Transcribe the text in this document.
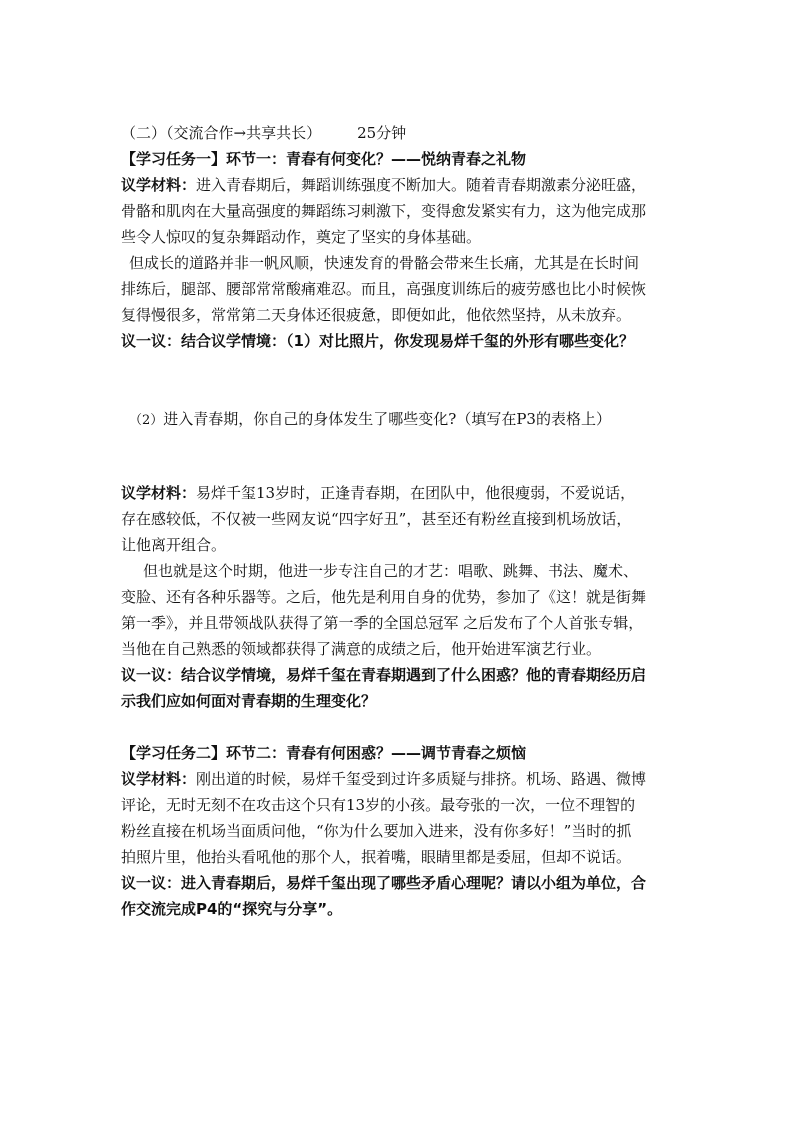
（二）（交流合作→共享共长） 25分钟
【学习任务一】环节一：青春有何变化？——悦纳青春之礼物
议学材料：进入青春期后，舞蹈训练强度不断加大。随着青春期激素分泌旺盛，
骨骼和肌肉在大量高强度的舞蹈练习刺激下，变得愈发紧实有力，这为他完成那
些令人惊叹的复杂舞蹈动作，奠定了坚实的身体基础。
但成长的道路并非一帆风顺，快速发育的骨骼会带来生长痛，尤其是在长时间
排练后，腿部、腰部常常酸痛难忍。而且，高强度训练后的疲劳感也比小时候恢
复得慢很多，常常第二天身体还很疲惫，即便如此，他依然坚持，从未放弃。
议一议：结合议学情境：（1）对比照片，你发现易烊千玺的外形有哪些变化？
（2）进入青春期，你自己的身体发生了哪些变化?（填写在P3的表格上）
议学材料：易烊千玺13岁时，正逢青春期，在团队中，他很瘦弱，不爱说话，
存在感较低，不仅被一些网友说“四字好丑”，甚至还有粉丝直接到机场放话，
让他离开组合。
但也就是这个时期，他进一步专注自己的才艺：唱歌、跳舞、书法、魔术、
变脸、还有各种乐器等。之后，他先是利用自身的优势，参加了《这！就是街舞
第一季》，并且带领战队获得了第一季的全国总冠军 之后发布了个人首张专辑，
当他在自己熟悉的领域都获得了满意的成绩之后，他开始进军演艺行业。
议一议：结合议学情境，易烊千玺在青春期遇到了什么困惑？他的青春期经历启
示我们应如何面对青春期的生理变化？
【学习任务二】环节二：青春有何困惑？——调节青春之烦恼
议学材料：刚出道的时候，易烊千玺受到过许多质疑与排挤。机场、路遇、微博
评论，无时无刻不在攻击这个只有13岁的小孩。最夸张的一次，一位不理智的
粉丝直接在机场当面质问他，“你为什么要加入进来，没有你多好！”当时的抓
拍照片里，他抬头看吼他的那个人，抿着嘴，眼睛里都是委屈，但却不说话。
议一议：进入青春期后，易烊千玺出现了哪些矛盾心理呢？请以小组为单位，合
作交流完成P4的“探究与分享”。
